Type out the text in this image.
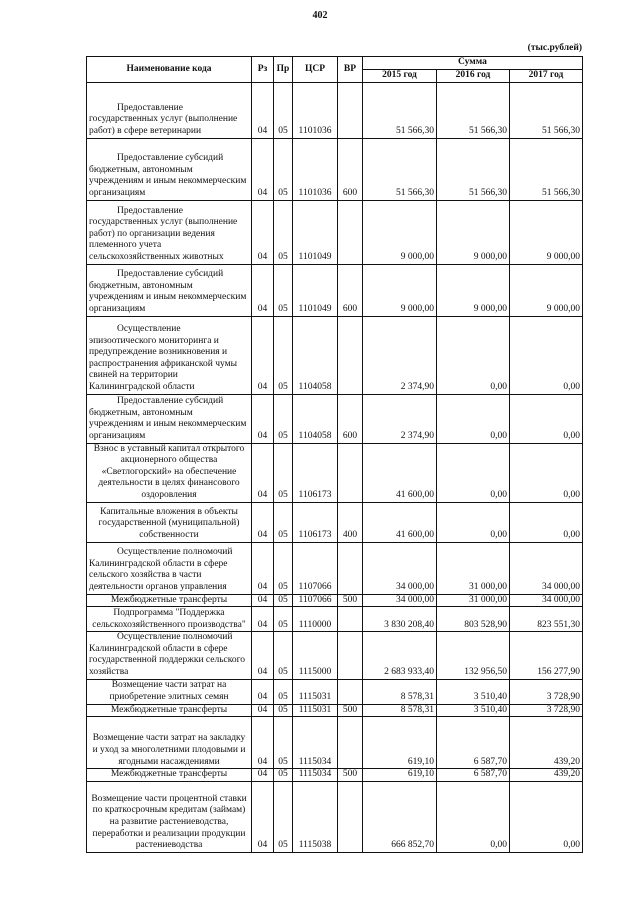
402
(тыс.рублей)
Наименование кода	Рз	Пр	ЦСР	ВР	Сумма		
					2015 год	2016 год	2017 год
Предоставление государственных услуг (выполнение работ) в сфере ветеринарии	04	05	1101036		51 566,30	51 566,30	51 566,30
Предоставление субсидий бюджетным, автономным учреждениям и иным некоммерческим организациям	04	05	1101036	600	51 566,30	51 566,30	51 566,30
Предоставление государственных услуг (выполнение работ) по организации ведения племенного учета сельскохозяйственных животных	04	05	1101049		9 000,00	9 000,00	9 000,00
Предоставление субсидий бюджетным, автономным учреждениям и иным некоммерческим организациям	04	05	1101049	600	9 000,00	9 000,00	9 000,00
Осуществление эпизоотического мониторинга и предупреждение возникновения и распространения африканской чумы свиней на территории Калининградской области	04	05	1104058		2 374,90	0,00	0,00
Предоставление субсидий бюджетным, автономным учреждениям и иным некоммерческим организациям	04	05	1104058	600	2 374,90	0,00	0,00
Взнос в уставный капитал открытого акционерного общества «Светлогорский» на обеспечение деятельности в целях финансового оздоровления	04	05	1106173		41 600,00	0,00	0,00
Капитальные вложения в объекты государственной (муниципальной) собственности	04	05	1106173	400	41 600,00	0,00	0,00
Осуществление полномочий Калининградской области в сфере сельского хозяйства в части деятельности органов управления	04	05	1107066		34 000,00	31 000,00	34 000,00
Межбюджетные трансферты	04	05	1107066	500	34 000,00	31 000,00	34 000,00
Подпрограмма "Поддержка сельскохозяйственного производства"	04	05	1110000		3 830 208,40	803 528,90	823 551,30
Осуществление полномочий Калининградской области в сфере государственной поддержки сельского хозяйства	04	05	1115000		2 683 933,40	132 956,50	156 277,90
Возмещение части затрат на приобретение элитных семян	04	05	1115031		8 578,31	3 510,40	3 728,90
Межбюджетные трансферты	04	05	1115031	500	8 578,31	3 510,40	3 728,90
Возмещение части затрат на закладку и уход за многолетними плодовыми и ягодными насаждениями	04	05	1115034		619,10	6 587,70	439,20
Межбюджетные трансферты	04	05	1115034	500	619,10	6 587,70	439,20
Возмещение части процентной ставки по краткосрочным кредитам (займам) на развитие растениеводства, переработки и реализации продукции растениеводства	04	05	1115038		666 852,70	0,00	0,00
